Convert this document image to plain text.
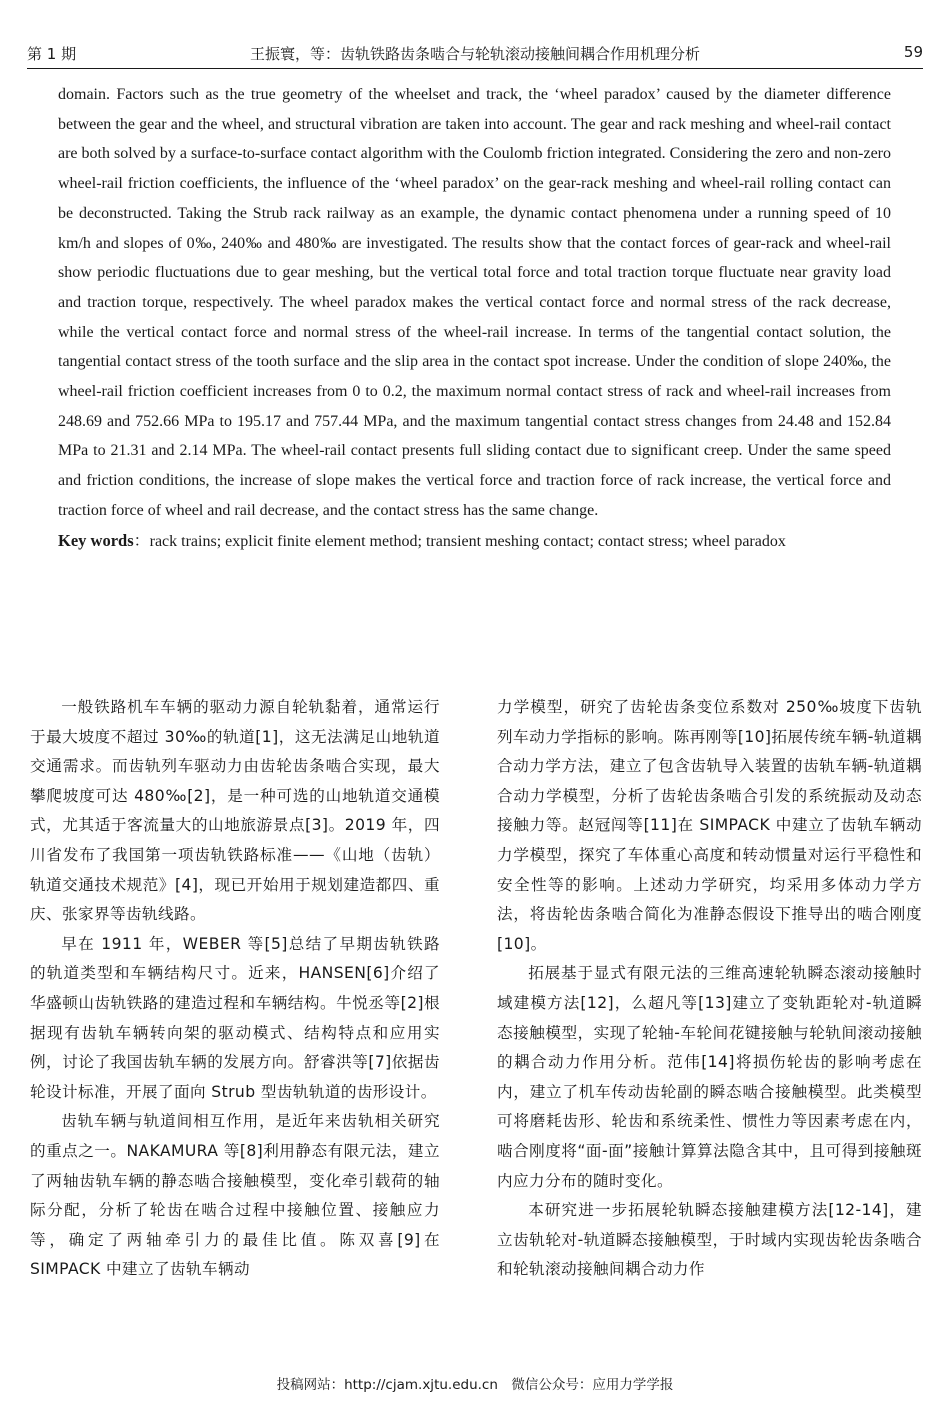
第 1 期	王振寰，等：齿轨铁路齿条啮合与轮轨滚动接触间耦合作用机理分析	59
domain. Factors such as the true geometry of the wheelset and track, the ‘wheel paradox’ caused by the diameter difference between the gear and the wheel, and structural vibration are taken into account. The gear and rack meshing and wheel-rail contact are both solved by a surface-to-surface contact algorithm with the Coulomb friction integrated. Considering the zero and non-zero wheel-rail friction coefficients, the influence of the ‘wheel paradox’ on the gear-rack meshing and wheel-rail rolling contact can be deconstructed. Taking the Strub rack railway as an example, the dynamic contact phenomena under a running speed of 10 km/h and slopes of 0‰, 240‰ and 480‰ are investigated. The results show that the contact forces of gear-rack and wheel-rail show periodic fluctuations due to gear meshing, but the vertical total force and total traction torque fluctuate near gravity load and traction torque, respectively. The wheel paradox makes the vertical contact force and normal stress of the rack decrease, while the vertical contact force and normal stress of the wheel-rail increase. In terms of the tangential contact solution, the tangential contact stress of the tooth surface and the slip area in the contact spot increase. Under the condition of slope 240‰, the wheel-rail friction coefficient increases from 0 to 0.2, the maximum normal contact stress of rack and wheel-rail increases from 248.69 and 752.66 MPa to 195.17 and 757.44 MPa, and the maximum tangential contact stress changes from 24.48 and 152.84 MPa to 21.31 and 2.14 MPa. The wheel-rail contact presents full sliding contact due to significant creep. Under the same speed and friction conditions, the increase of slope makes the vertical force and traction force of rack increase, the vertical force and traction force of wheel and rail decrease, and the contact stress has the same change.
Key words：rack trains; explicit finite element method; transient meshing contact; contact stress; wheel paradox

一般铁路机车车辆的驱动力源自轮轨黏着，通常运行于最大坡度不超过 30‰的轨道[1]，这无法满足山地轨道交通需求。而齿轨列车驱动力由齿轮齿条啮合实现，最大攀爬坡度可达 480‰[2]，是一种可选的山地轨道交通模式，尤其适于客流量大的山地旅游景点[3]。2019 年，四川省发布了我国第一项齿轨铁路标准——《山地（齿轨）轨道交通技术规范》[4]，现已开始用于规划建造都四、重庆、张家界等齿轨线路。

早在 1911 年，WEBER 等[5]总结了早期齿轨铁路的轨道类型和车辆结构尺寸。近来，HANSEN[6]介绍了华盛顿山齿轨铁路的建造过程和车辆结构。牛悦丞等[2]根据现有齿轨车辆转向架的驱动模式、结构特点和应用实例，讨论了我国齿轨车辆的发展方向。舒睿洪等[7]依据齿轮设计标准，开展了面向 Strub 型齿轨轨道的齿形设计。

齿轨车辆与轨道间相互作用，是近年来齿轨相关研究的重点之一。NAKAMURA 等[8]利用静态有限元法，建立了两轴齿轨车辆的静态啮合接触模型，变化牵引载荷的轴际分配，分析了轮齿在啮合过程中接触位置、接触应力等，确定了两轴牵引力的最佳比值。陈双喜[9]在 SIMPACK 中建立了齿轨车辆动

力学模型，研究了齿轮齿条变位系数对 250‰坡度下齿轨列车动力学指标的影响。陈再刚等[10]拓展传统车辆-轨道耦合动力学方法，建立了包含齿轨导入装置的齿轨车辆-轨道耦合动力学模型，分析了齿轮齿条啮合引发的系统振动及动态接触力等。赵冠闯等[11]在 SIMPACK 中建立了齿轨车辆动力学模型，探究了车体重心高度和转动惯量对运行平稳性和安全性等的影响。上述动力学研究，均采用多体动力学方法，将齿轮齿条啮合简化为准静态假设下推导出的啮合刚度[10]。

拓展基于显式有限元法的三维高速轮轨瞬态滚动接触时域建模方法[12]，么超凡等[13]建立了变轨距轮对-轨道瞬态接触模型，实现了轮轴-车轮间花键接触与轮轨间滚动接触的耦合动力作用分析。范伟[14]将损伤轮齿的影响考虑在内，建立了机车传动齿轮副的瞬态啮合接触模型。此类模型可将磨耗齿形、轮齿和系统柔性、惯性力等因素考虑在内，啮合刚度将“面-面”接触计算算法隐含其中，且可得到接触斑内应力分布的随时变化。

本研究进一步拓展轮轨瞬态接触建模方法[12-14]，建立齿轨轮对-轨道瞬态接触模型，于时域内实现齿轮齿条啮合和轮轨滚动接触间耦合动力作

投稿网站：http://cjam.xjtu.edu.cn　微信公众号：应用力学学报
